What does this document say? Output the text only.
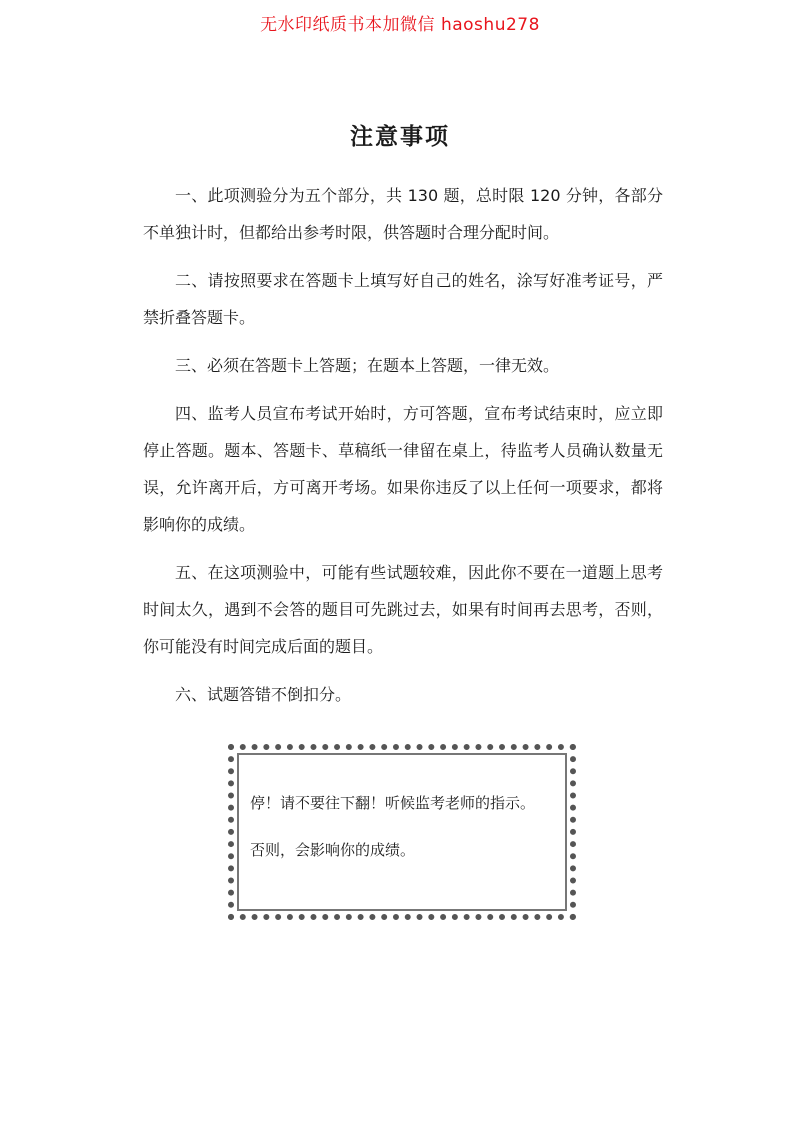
无水印纸质书本加微信 haoshu278
注意事项

一、此项测验分为五个部分，共 130 题，总时限 120 分钟，各部分不单独计时，但都给出参考时限，供答题时合理分配时间。

二、请按照要求在答题卡上填写好自己的姓名，涂写好准考证号，严禁折叠答题卡。

三、必须在答题卡上答题；在题本上答题，一律无效。

四、监考人员宣布考试开始时，方可答题，宣布考试结束时，应立即停止答题。题本、答题卡、草稿纸一律留在桌上，待监考人员确认数量无误，允许离开后，方可离开考场。如果你违反了以上任何一项要求，都将影响你的成绩。

五、在这项测验中，可能有些试题较难，因此你不要在一道题上思考时间太久，遇到不会答的题目可先跳过去，如果有时间再去思考，否则，你可能没有时间完成后面的题目。

六、试题答错不倒扣分。

停！请不要往下翻！听候监考老师的指示。

否则，会影响你的成绩。
